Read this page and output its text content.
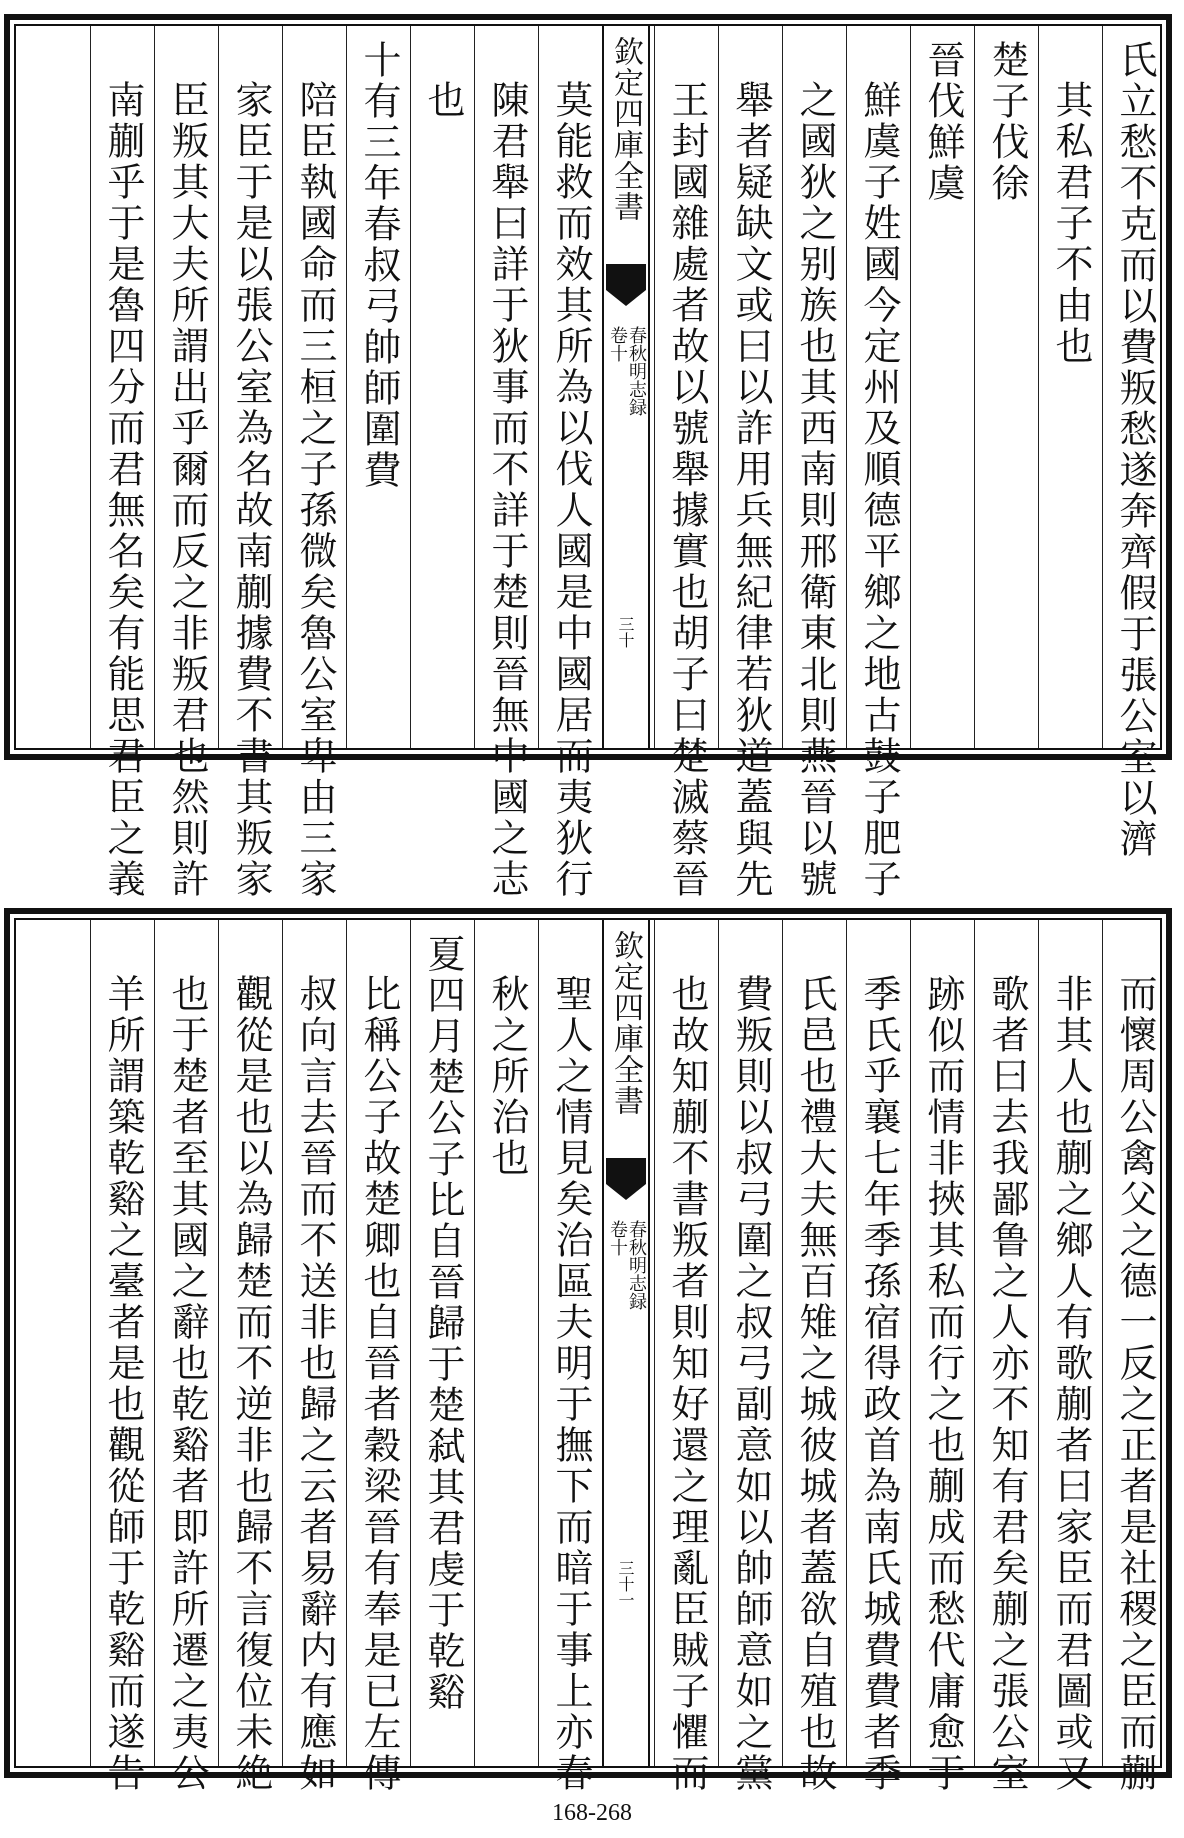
氏立愁不克而以費叛愁遂奔齊假于張公室以濟
其私君子不由也
楚子伐徐
晉伐鮮虞
鮮虞子姓國今定州及順德平鄉之地古鼓子肥子
之國狄之别族也其西南則邢衛東北則燕晉以號
舉者疑缺文或曰以詐用兵無紀律若狄道蓋與先
王封國雜處者故以號舉據實也胡子曰楚滅蔡晉
欽定四庫全書
春秋明志録
卷十
三十
莫能救而效其所為以伐人國是中國居而夷狄行
陳君舉曰詳于狄事而不詳于楚則晉無中國之志
也
十有三年春叔弓帥師圍費
陪臣執國命而三桓之子孫微矣魯公室卑由三家
家臣于是以張公室為名故南蒯據費不書其叛家
臣叛其大夫所謂出乎爾而反之非叛君也然則許
南蒯乎于是魯四分而君無名矣有能思君臣之義
而懷周公禽父之德一反之正者是社稷之臣而蒯
非其人也蒯之鄉人有歌蒯者曰家臣而君圖或又
歌者曰去我鄙鲁之人亦不知有君矣蒯之張公室
跡似而情非挾其私而行之也蒯成而愁代庸愈于
季氏乎襄七年季孫宿得政首為南氏城費費者季
氏邑也禮大夫無百雉之城彼城者蓋欲自殖也故
費叛則以叔弓圍之叔弓副意如以帥師意如之黨
也故知蒯不書叛者則知好還之理亂臣賊子懼而
欽定四庫全書
春秋明志録
卷十
三十一
聖人之情見矣治區夫明于撫下而暗于事上亦春
秋之所治也
夏四月楚公子比自晉歸于楚弑其君虔于乾谿
比稱公子故楚卿也自晉者穀梁晉有奉是已左傳
叔向言去晉而不送非也歸之云者易辭内有應如
觀從是也以為歸楚而不逆非也歸不言復位未絶
也于楚者至其國之辭也乾谿者即許所遷之夷公
羊所謂築乾谿之臺者是也觀從師于乾谿而遂告
168-268
